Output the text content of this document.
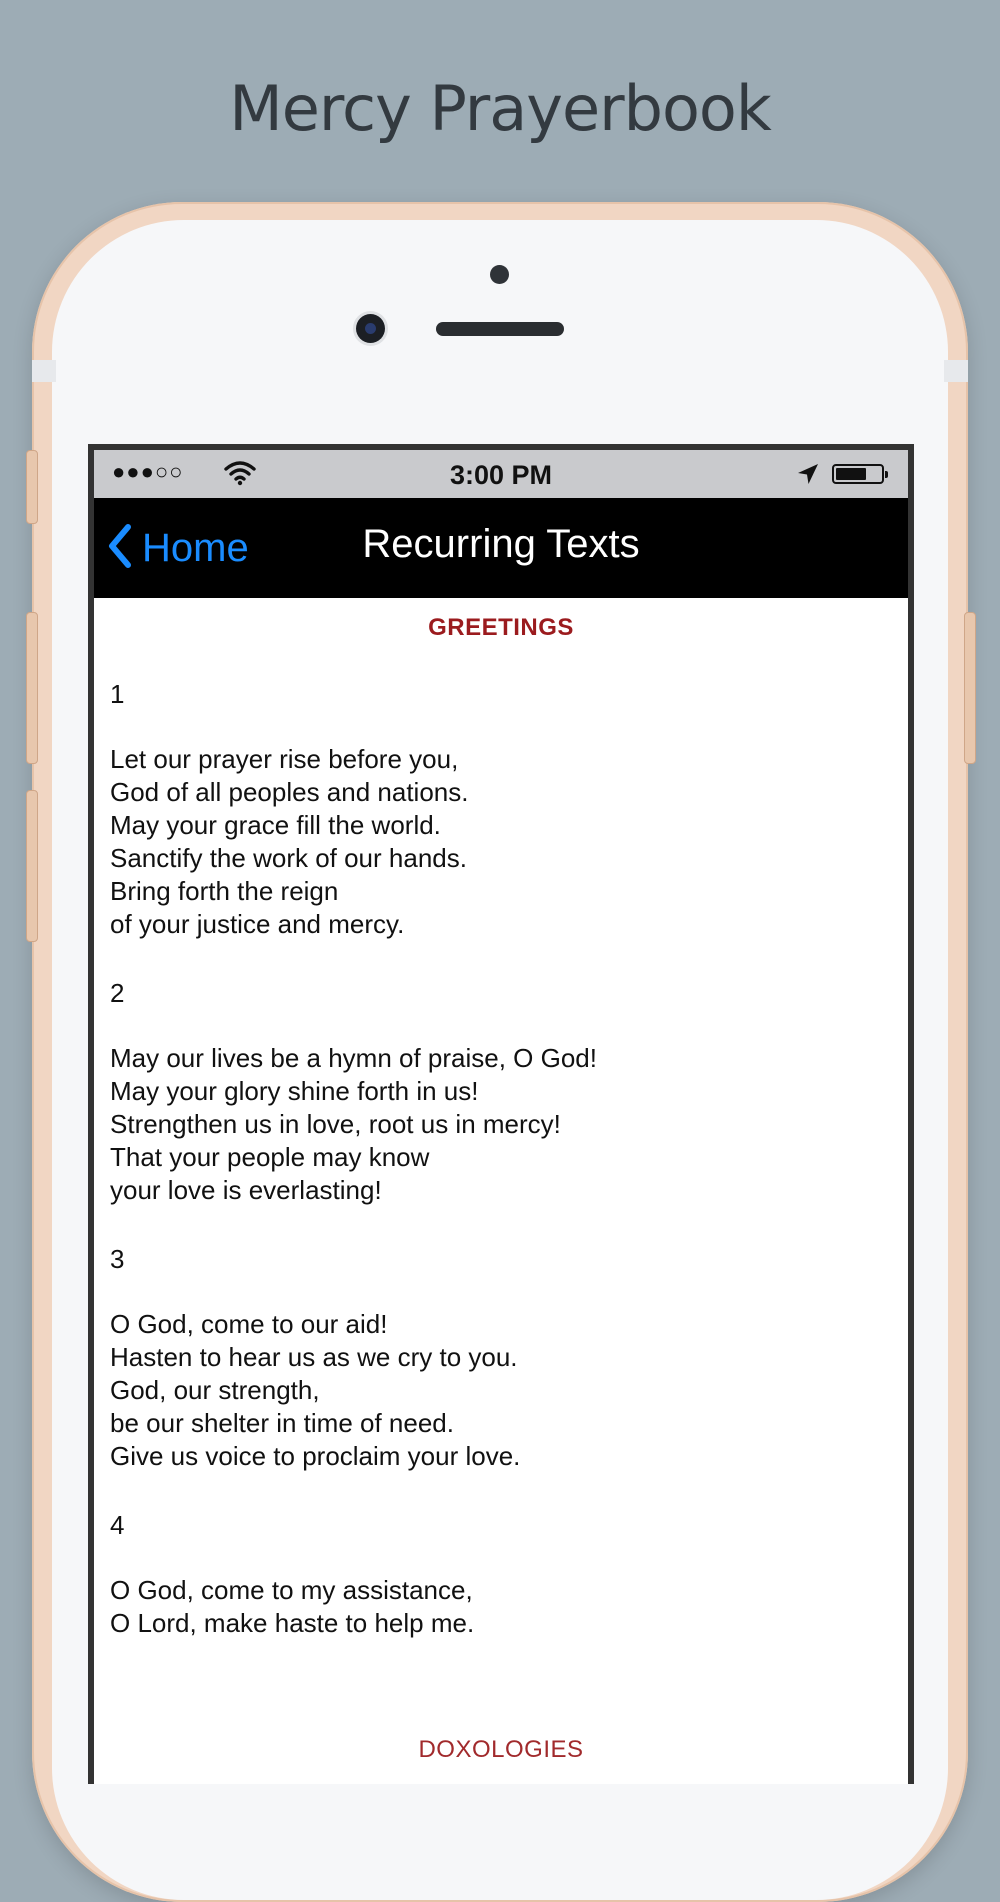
Mercy Prayerbook
●●●○○	3:00 PM
Home	Recurring Texts
GREETINGS
1
Let our prayer rise before you,
God of all peoples and nations.
May your grace fill the world.
Sanctify the work of our hands.
Bring forth the reign
of your justice and mercy.
2
May our lives be a hymn of praise, O God!
May your glory shine forth in us!
Strengthen us in love, root us in mercy!
That your people may know
your love is everlasting!
3
O God, come to our aid!
Hasten to hear us as we cry to you.
God, our strength,
be our shelter in time of need.
Give us voice to proclaim your love.
4
O God, come to my assistance,
O Lord, make haste to help me.
DOXOLOGIES
